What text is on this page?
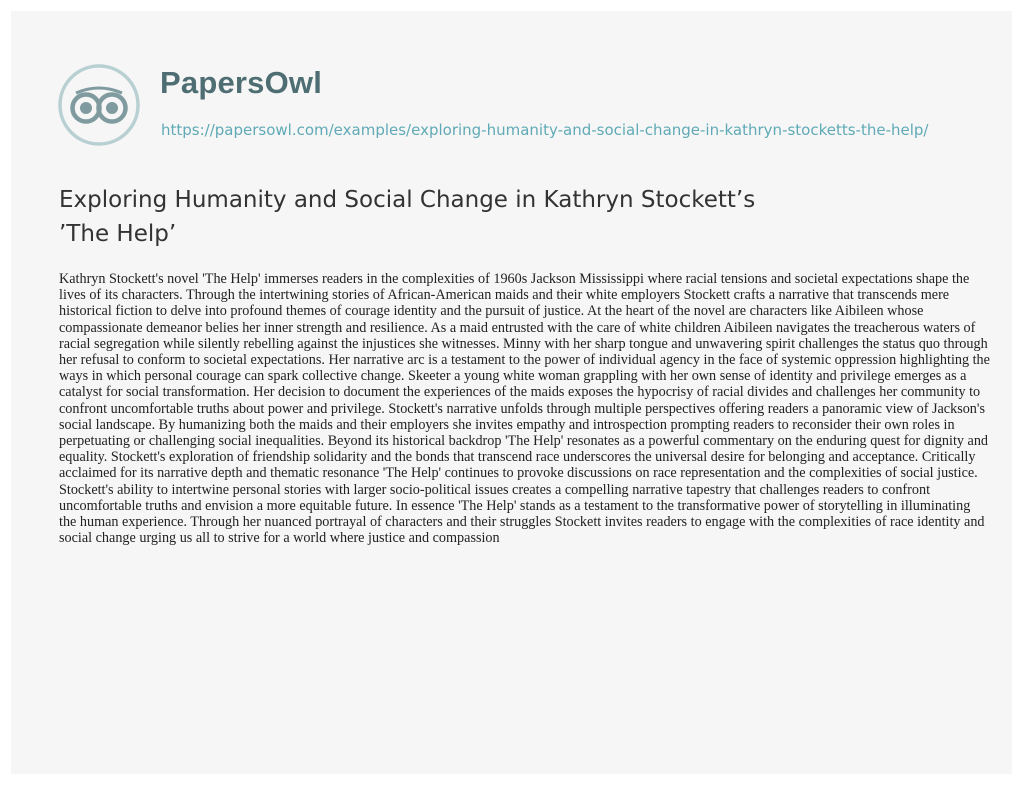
PapersOwl
https://papersowl.com/examples/exploring-humanity-and-social-change-in-kathryn-stocketts-the-help/
Exploring Humanity and Social Change in Kathryn Stockett’s ’The Help’

Kathryn Stockett's novel 'The Help' immerses readers in the complexities of 1960s Jackson Mississippi where racial tensions and societal expectations shape the lives of its characters. Through the intertwining stories of African-American maids and their white employers Stockett crafts a narrative that transcends mere historical fiction to delve into profound themes of courage identity and the pursuit of justice. At the heart of the novel are characters like Aibileen whose compassionate demeanor belies her inner strength and resilience. As a maid entrusted with the care of white children Aibileen navigates the treacherous waters of racial segregation while silently rebelling against the injustices she witnesses. Minny with her sharp tongue and unwavering spirit challenges the status quo through her refusal to conform to societal expectations. Her narrative arc is a testament to the power of individual agency in the face of systemic oppression highlighting the ways in which personal courage can spark collective change. Skeeter a young white woman grappling with her own sense of identity and privilege emerges as a catalyst for social transformation. Her decision to document the experiences of the maids exposes the hypocrisy of racial divides and challenges her community to confront uncomfortable truths about power and privilege. Stockett's narrative unfolds through multiple perspectives offering readers a panoramic view of Jackson's social landscape. By humanizing both the maids and their employers she invites empathy and introspection prompting readers to reconsider their own roles in perpetuating or challenging social inequalities. Beyond its historical backdrop 'The Help' resonates as a powerful commentary on the enduring quest for dignity and equality. Stockett's exploration of friendship solidarity and the bonds that transcend race underscores the universal desire for belonging and acceptance. Critically acclaimed for its narrative depth and thematic resonance 'The Help' continues to provoke discussions on race representation and the complexities of social justice. Stockett's ability to intertwine personal stories with larger socio-political issues creates a compelling narrative tapestry that challenges readers to confront uncomfortable truths and envision a more equitable future. In essence 'The Help' stands as a testament to the transformative power of storytelling in illuminating the human experience. Through her nuanced portrayal of characters and their struggles Stockett invites readers to engage with the complexities of race identity and social change urging us all to strive for a world where justice and compassion
